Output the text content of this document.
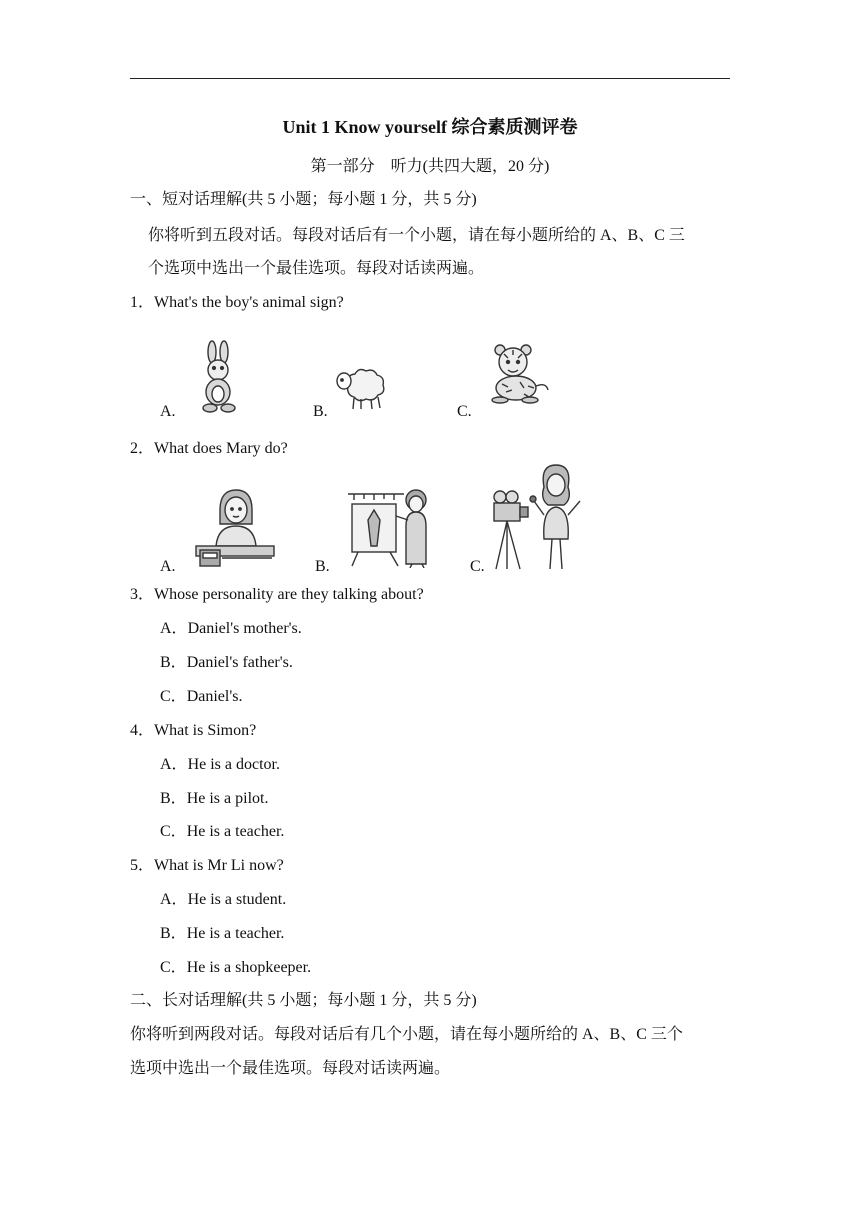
Unit 1 Know yourself 综合素质测评卷
第一部分　听力(共四大题，20 分)
一、短对话理解(共 5 小题；每小题 1 分，共 5 分)
你将听到五段对话。每段对话后有一个小题，请在每小题所给的 A、B、C 三
个选项中选出一个最佳选项。每段对话读两遍。
1．What's the boy's animal sign?
A.	B.	C.
2．What does Mary do?
A.	B.	C.
3．Whose personality are they talking about?
A．Daniel's mother's.
B．Daniel's father's.
C．Daniel's.
4．What is Simon?
A．He is a doctor.
B．He is a pilot.
C．He is a teacher.
5．What is Mr Li now?
A．He is a student.
B．He is a teacher.
C．He is a shopkeeper.
二、长对话理解(共 5 小题；每小题 1 分，共 5 分)
你将听到两段对话。每段对话后有几个小题，请在每小题所给的 A、B、C 三个
选项中选出一个最佳选项。每段对话读两遍。
